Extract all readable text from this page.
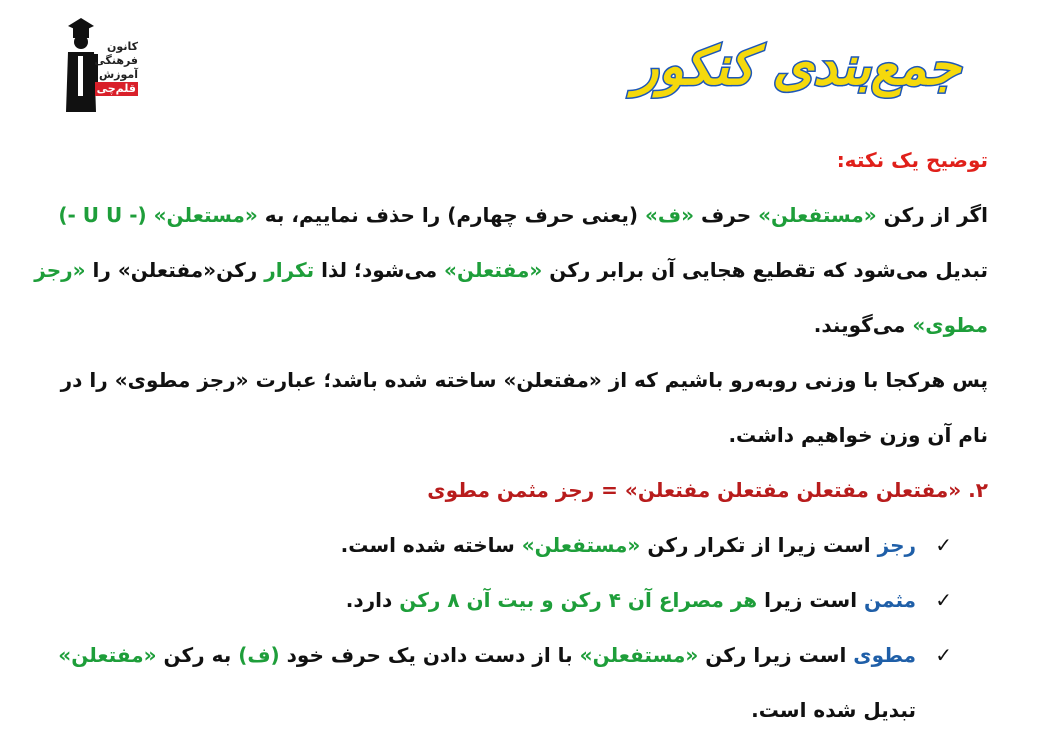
کانون
فرهنگی
آموزش
قلم‌چی	جمع‌بندی کنکور
توضیح یک نکته:
اگر از رکن «مستفعلن» حرف «ف» (یعنی حرف چهارم) را حذف نماییم، به «مستعلن» (- U U -)
تبدیل می‌شود که تقطیع هجایی آن برابر رکن «مفتعلن» می‌شود؛ لذا تکرار رکن«مفتعلن» را «رجز
مطوی» می‌گویند.
پس هرکجا با وزنی روبه‌رو باشیم که از «مفتعلن» ساخته شده باشد؛ عبارت «رجز مطوی» را در
نام آن وزن خواهیم داشت.
۲. «مفتعلن مفتعلن مفتعلن مفتعلن» = رجز مثمن مطوی
✓
رجز است زیرا از تکرار رکن «مستفعلن» ساخته شده است.
✓
مثمن است زیرا هر مصراع آن ۴ رکن و بیت آن ۸ رکن دارد.
✓
مطوی است زیرا رکن «مستفعلن» با از دست دادن یک حرف خود (ف) به رکن «مفتعلن»
تبدیل شده است.
